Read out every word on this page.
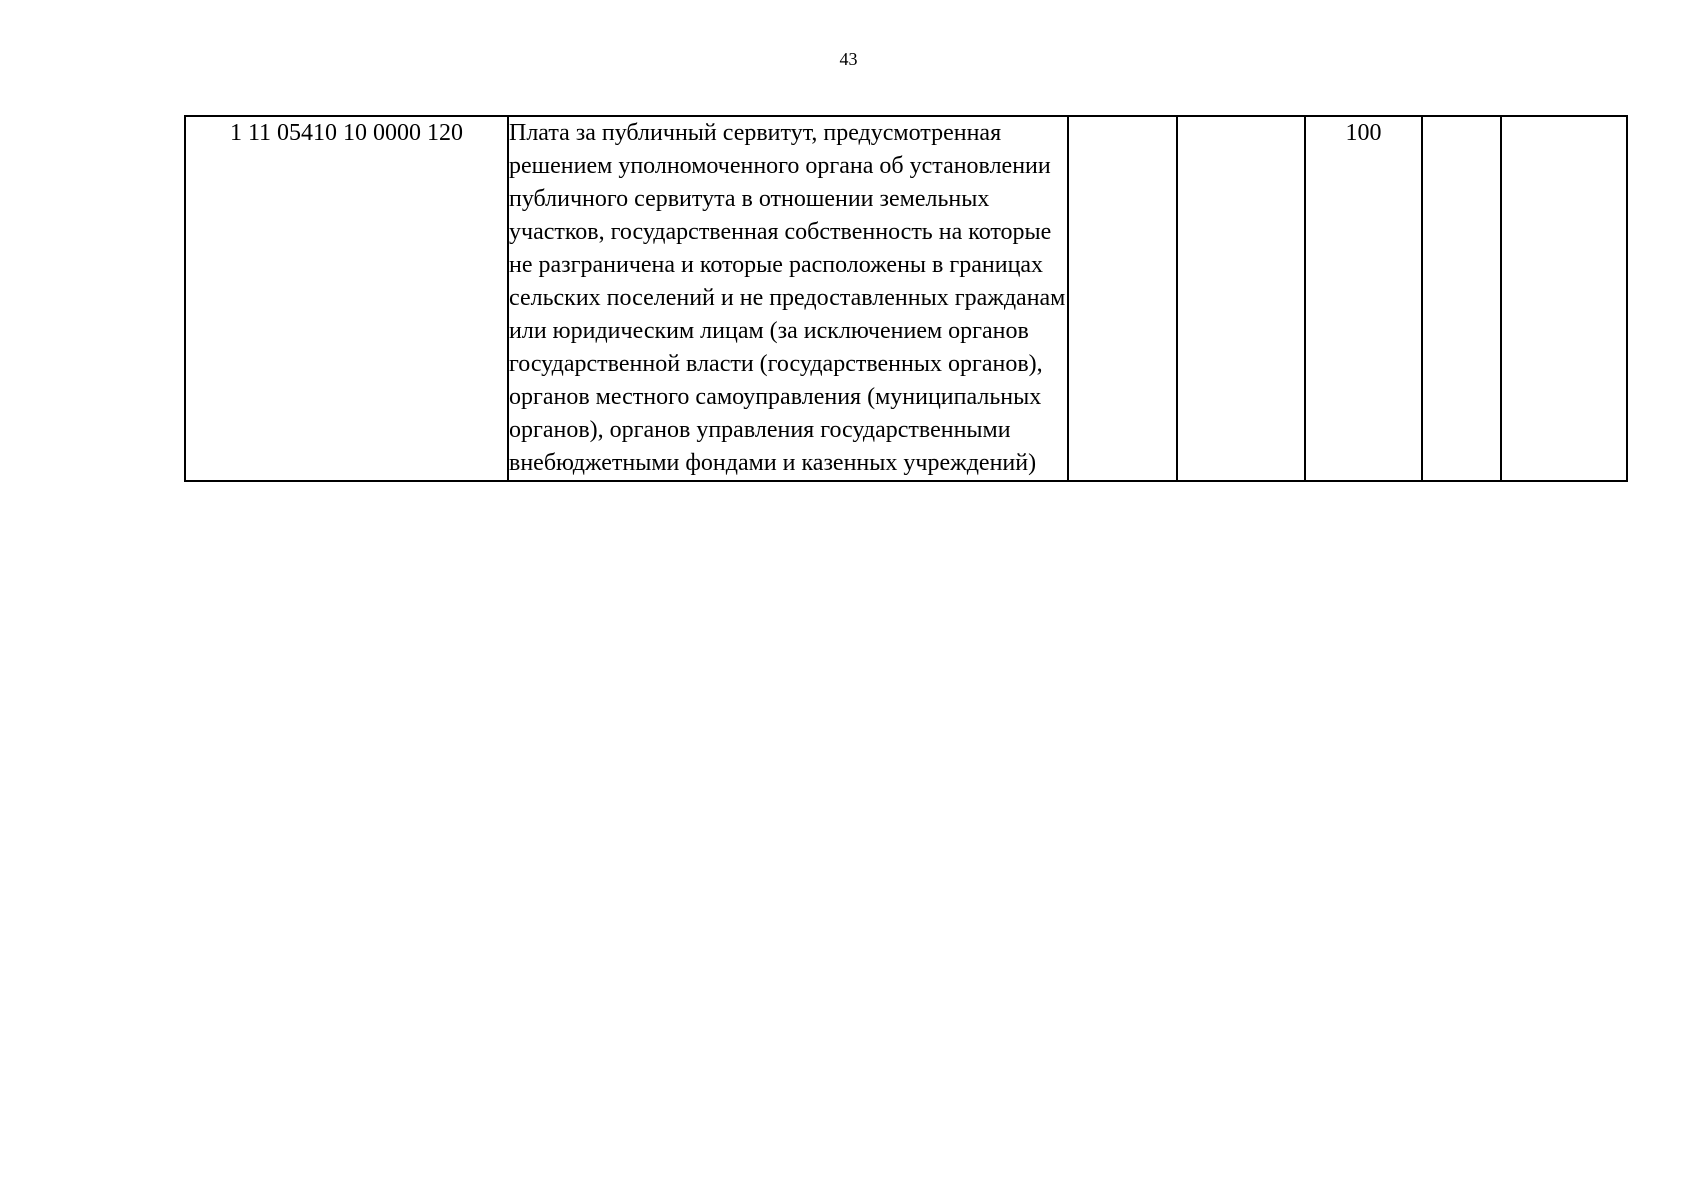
43
1 11 05410 10 0000 120	Плата за публичный сервитут, предусмотренная решением уполномоченного органа об установлении публичного сервитута в отношении земельных участков, государственная собственность на которые не разграничена и которые расположены в границах сельских поселений и не предоставленных гражданам или юридическим лицам (за исключением органов государственной власти (государственных органов), органов местного самоуправления (муниципальных органов), органов управления государственными внебюджетными фондами и казенных учреждений)			100		
